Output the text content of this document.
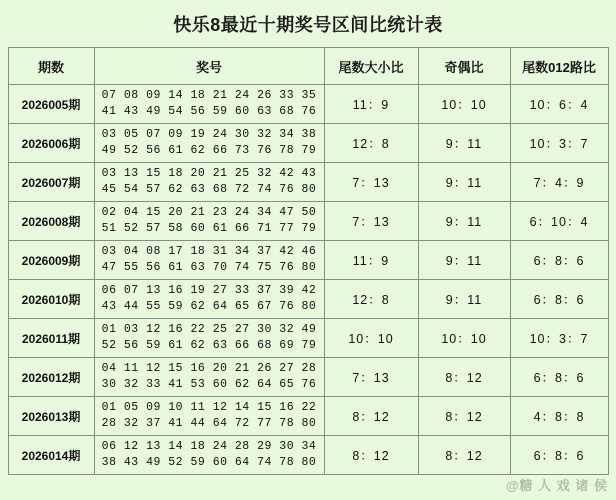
快乐8最近十期奖号区间比统计表
期数	奖号	尾数大小比	奇偶比	尾数012路比
2026005期	07 08 09 14 18 21 24 26 33 35
41 43 49 54 56 59 60 63 68 76	11：9	10：10	10：6：4
2026006期	03 05 07 09 19 24 30 32 34 38
49 52 56 61 62 66 73 76 78 79	12：8	9：11	10：3：7
2026007期	03 13 15 18 20 21 25 32 42 43
45 54 57 62 63 68 72 74 76 80	7：13	9：11	7：4：9
2026008期	02 04 15 20 21 23 24 34 47 50
51 52 57 58 60 61 66 71 77 79	7：13	9：11	6：10：4
2026009期	03 04 08 17 18 31 34 37 42 46
47 55 56 61 63 70 74 75 76 80	11：9	9：11	6：8：6
2026010期	06 07 13 16 19 27 33 37 39 42
43 44 55 59 62 64 65 67 76 80	12：8	9：11	6：8：6
2026011期	01 03 12 16 22 25 27 30 32 49
52 56 59 61 62 63 66 68 69 79	10：10	10：10	10：3：7
2026012期	04 11 12 15 16 20 21 26 27 28
30 32 33 41 53 60 62 64 65 76	7：13	8：12	6：8：6
2026013期	01 05 09 10 11 12 14 15 16 22
28 32 37 41 44 64 72 77 78 80	8：12	8：12	4：8：8
2026014期	06 12 13 14 18 24 28 29 30 34
38 43 49 52 59 60 64 74 78 80	8：12	8：12	6：8：6
@糖 人 戏 诸 侯
